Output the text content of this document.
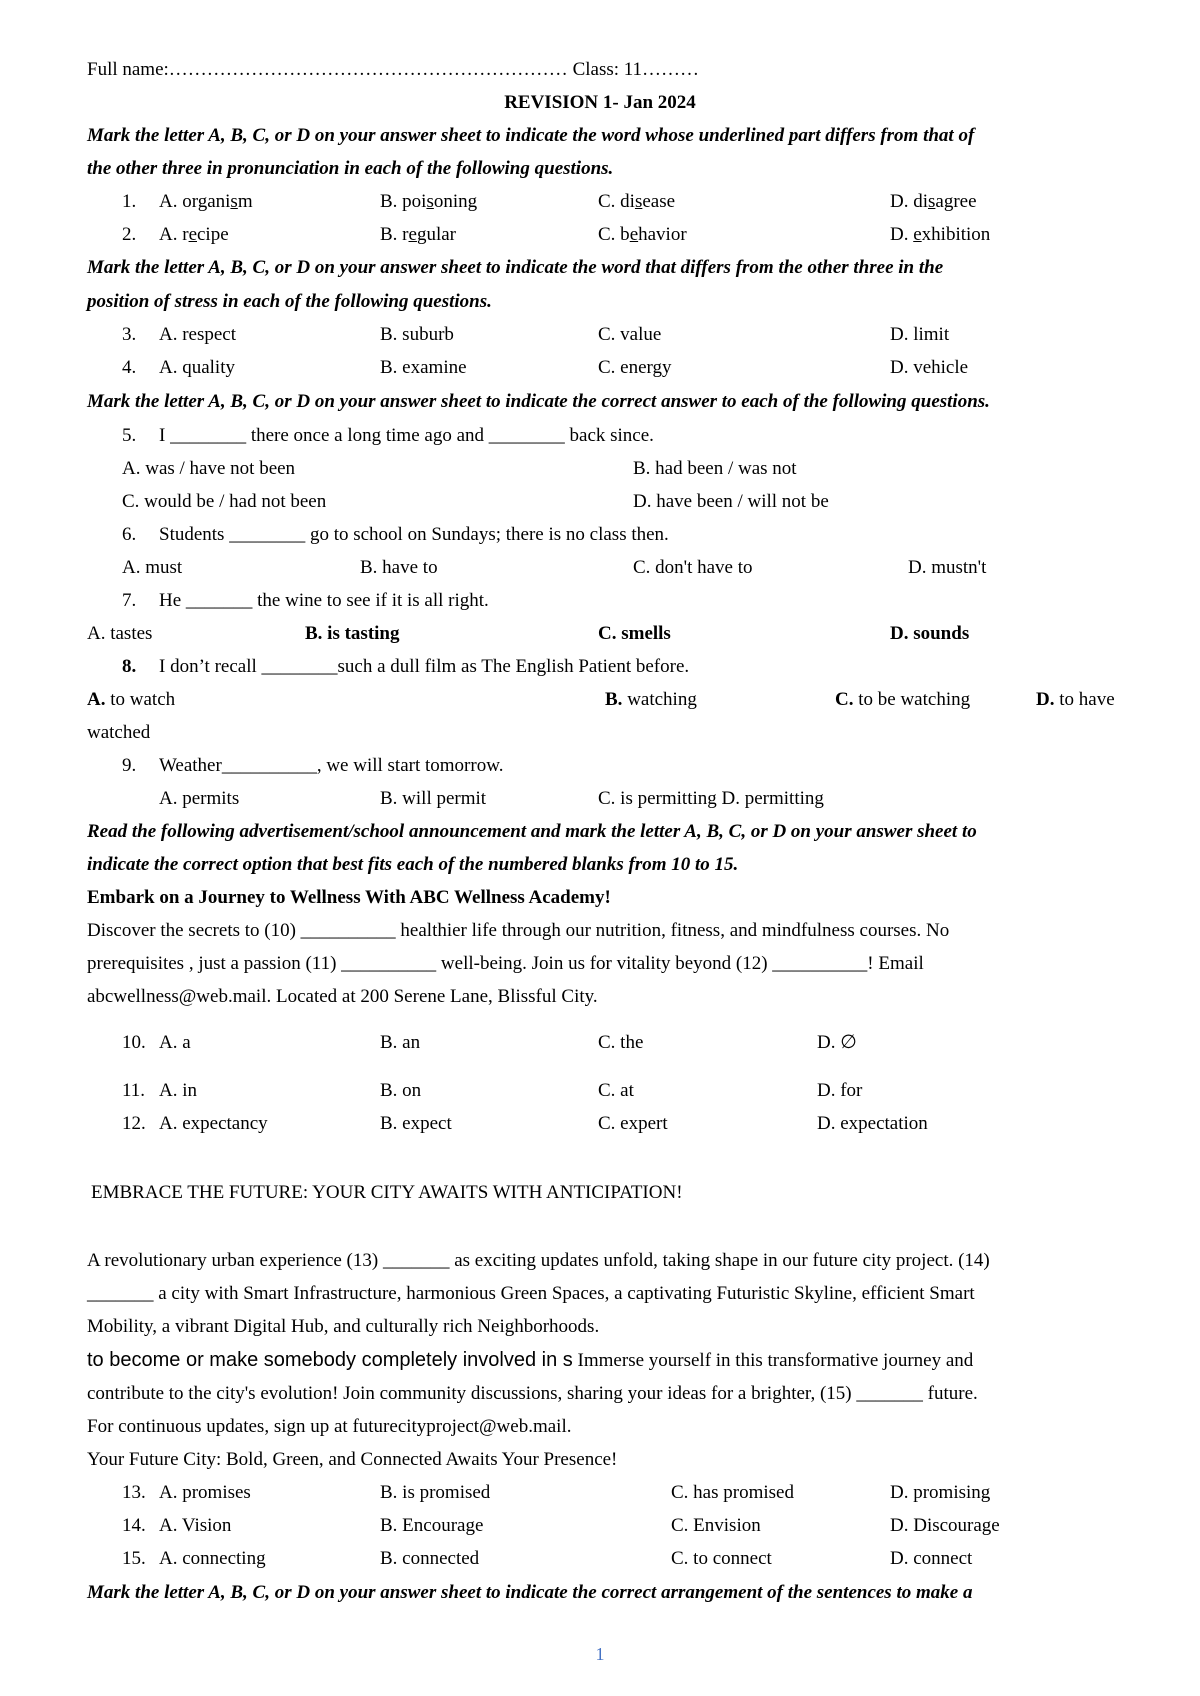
Full name:……………………………………………………… Class: 11………
REVISION 1- Jan 2024
Mark the letter A, B, C, or D on your answer sheet to indicate the word whose underlined part differs from that of
the other three in pronunciation in each of the following questions.
1. A. organism	B. poisoning	C. disease	D. disagree
2. A. recipe	B. regular	C. behavior	D. exhibition
Mark the letter A, B, C, or D on your answer sheet to indicate the word that differs from the other three in the
position of stress in each of the following questions.
3. A. respect	B. suburb	C. value	D. limit
4. A. quality	B. examine	C. energy	D. vehicle
Mark the letter A, B, C, or D on your answer sheet to indicate the correct answer to each of the following questions.
5. I ________ there once a long time ago and ________ back since.
A. was / have not been	B. had been / was not
C. would be / had not been	D. have been / will not be
6. Students ________ go to school on Sundays; there is no class then.
A. must	B. have to	C. don't have to	D. mustn't
7. He _______ the wine to see if it is all right.
A. tastes	B. is tasting	C. smells	D. sounds
8. I don’t recall ________such a dull film as The English Patient before.
A. to watch	B. watching	C. to be watching	D. to have
watched
9. Weather__________, we will start tomorrow.
A. permits	B. will permit	C. is permitting D. permitting
Read the following advertisement/school announcement and mark the letter A, B, C, or D on your answer sheet to
indicate the correct option that best fits each of the numbered blanks from 10 to 15.
Embark on a Journey to Wellness With ABC Wellness Academy!
Discover the secrets to (10) __________ healthier life through our nutrition, fitness, and mindfulness courses. No
prerequisites , just a passion (11) __________ well-being. Join us for vitality beyond (12) __________! Email
abcwellness@web.mail. Located at 200 Serene Lane, Blissful City.
10. A. a	B. an	C. the	D. ∅
11. A. in	B. on	C. at	D. for
12. A. expectancy	B. expect	C. expert	D. expectation
EMBRACE THE FUTURE: YOUR CITY AWAITS WITH ANTICIPATION!
A revolutionary urban experience (13) _______ as exciting updates unfold, taking shape in our future city project. (14)
_______ a city with Smart Infrastructure, harmonious Green Spaces, a captivating Futuristic Skyline, efficient Smart
Mobility, a vibrant Digital Hub, and culturally rich Neighborhoods.
to become or make somebody completely involved in s Immerse yourself in this transformative journey and
contribute to the city's evolution! Join community discussions, sharing your ideas for a brighter, (15) _______ future.
For continuous updates, sign up at futurecityproject@web.mail.
Your Future City: Bold, Green, and Connected Awaits Your Presence!
13. A. promises	B. is promised	C. has promised	D. promising
14. A. Vision	B. Encourage	C. Envision	D. Discourage
15. A. connecting	B. connected	C. to connect	D. connect
Mark the letter A, B, C, or D on your answer sheet to indicate the correct arrangement of the sentences to make a
1
